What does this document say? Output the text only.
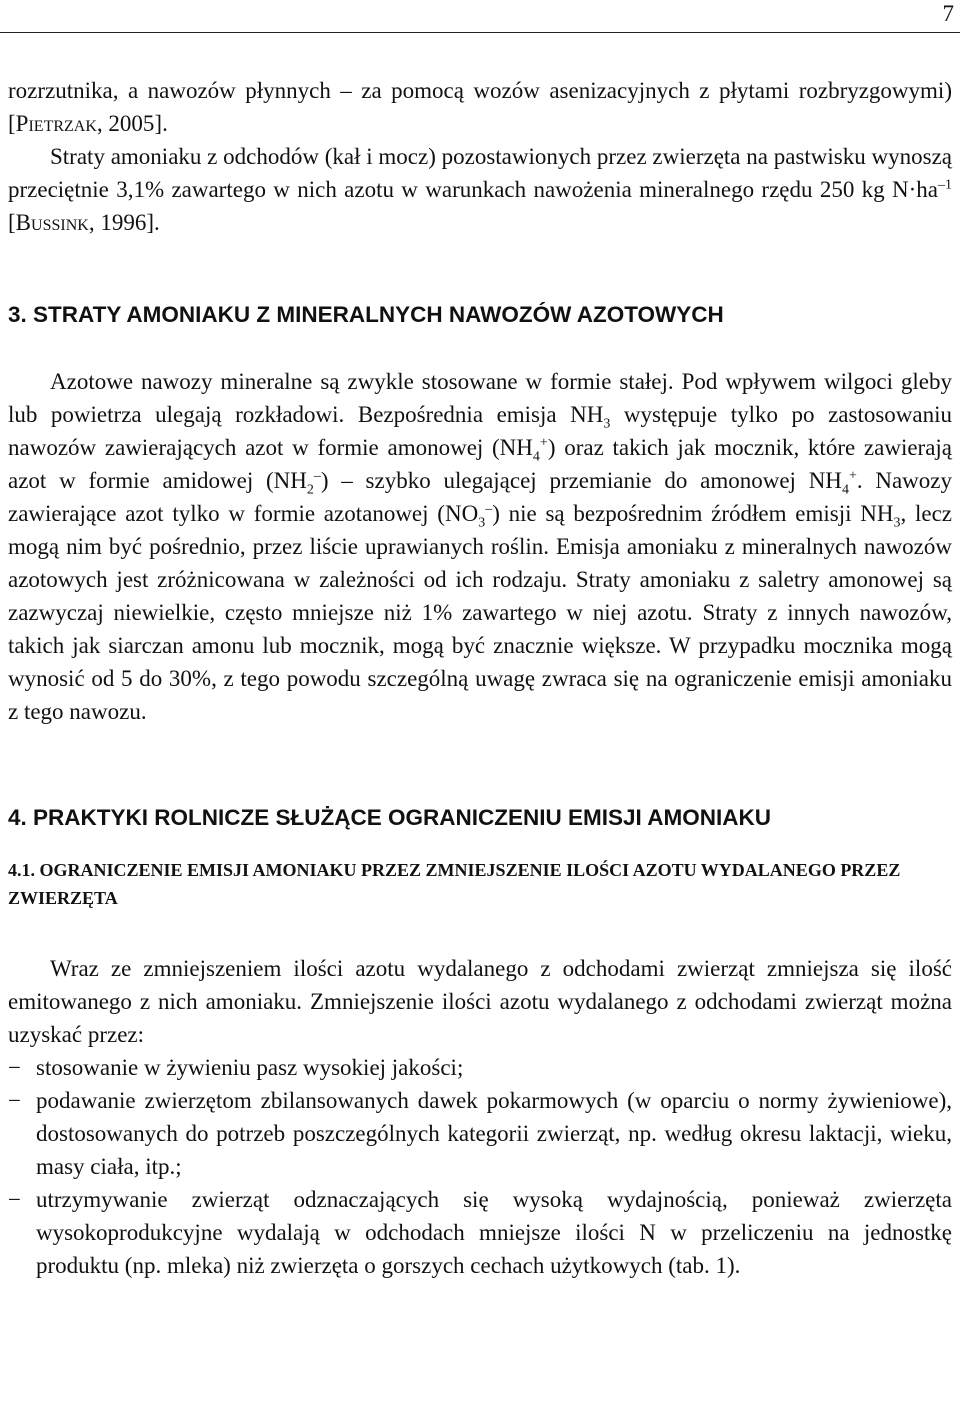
7

rozrzutnika, a nawozów płynnych – za pomocą wozów asenizacyjnych z płytami rozbryzgowymi) [Pietrzak, 2005].

Straty amoniaku z odchodów (kał i mocz) pozostawionych przez zwierzęta na pastwisku wynoszą przeciętnie 3,1% zawartego w nich azotu w warunkach nawożenia mineralnego rzędu 250 kg $N\cdot ha^{-1}$ [Bussink, 1996].

3. STRATY AMONIAKU Z MINERALNYCH NAWOZÓW AZOTOWYCH

Azotowe nawozy mineralne są zwykle stosowane w formie stałej. Pod wpływem wilgoci gleby lub powietrza ulegają rozkładowi. Bezpośrednia emisja $NH_3$ występuje tylko po zastosowaniu nawozów zawierających azot w formie amonowej $(NH_4^+)$ oraz takich jak mocznik, które zawierają azot w formie amidowej $(NH_2^-)$ – szybko ulegającej przemianie do amonowej $NH_4^+$. Nawozy zawierające azot tylko w formie azotanowej $(NO_3^-)$ nie są bezpośrednim źródłem emisji $NH_3$, lecz mogą nim być pośrednio, przez liście uprawianych roślin. Emisja amoniaku z mineralnych nawozów azotowych jest zróżnicowana w zależności od ich rodzaju. Straty amoniaku z saletry amonowej są zazwyczaj niewielkie, często mniejsze niż 1% zawartego w niej azotu. Straty z innych nawozów, takich jak siarczan amonu lub mocznik, mogą być znacznie większe. W przypadku mocznika mogą wynosić od 5 do 30%, z tego powodu szczególną uwagę zwraca się na ograniczenie emisji amoniaku z tego nawozu.

4. PRAKTYKI ROLNICZE SŁUŻĄCE OGRANICZENIU EMISJI AMONIAKU
4.1. OGRANICZENIE EMISJI AMONIAKU PRZEZ ZMNIEJSZENIE ILOŚCI AZOTU WYDALANEGO PRZEZ ZWIERZĘTA

Wraz ze zmniejszeniem ilości azotu wydalanego z odchodami zwierząt zmniejsza się ilość emitowanego z nich amoniaku. Zmniejszenie ilości azotu wydalanego z odchodami zwierząt można uzyskać przez:

− stosowanie w żywieniu pasz wysokiej jakości;
− podawanie zwierzętom zbilansowanych dawek pokarmowych (w oparciu o normy żywieniowe), dostosowanych do potrzeb poszczególnych kategorii zwierząt, np. według okresu laktacji, wieku, masy ciała, itp.;
− utrzymywanie zwierząt odznaczających się wysoką wydajnością, ponieważ zwierzęta wysokoprodukcyjne wydalają w odchodach mniejsze ilości N w przeliczeniu na jednostkę produktu (np. mleka) niż zwierzęta o gorszych cechach użytkowych (tab. 1).
